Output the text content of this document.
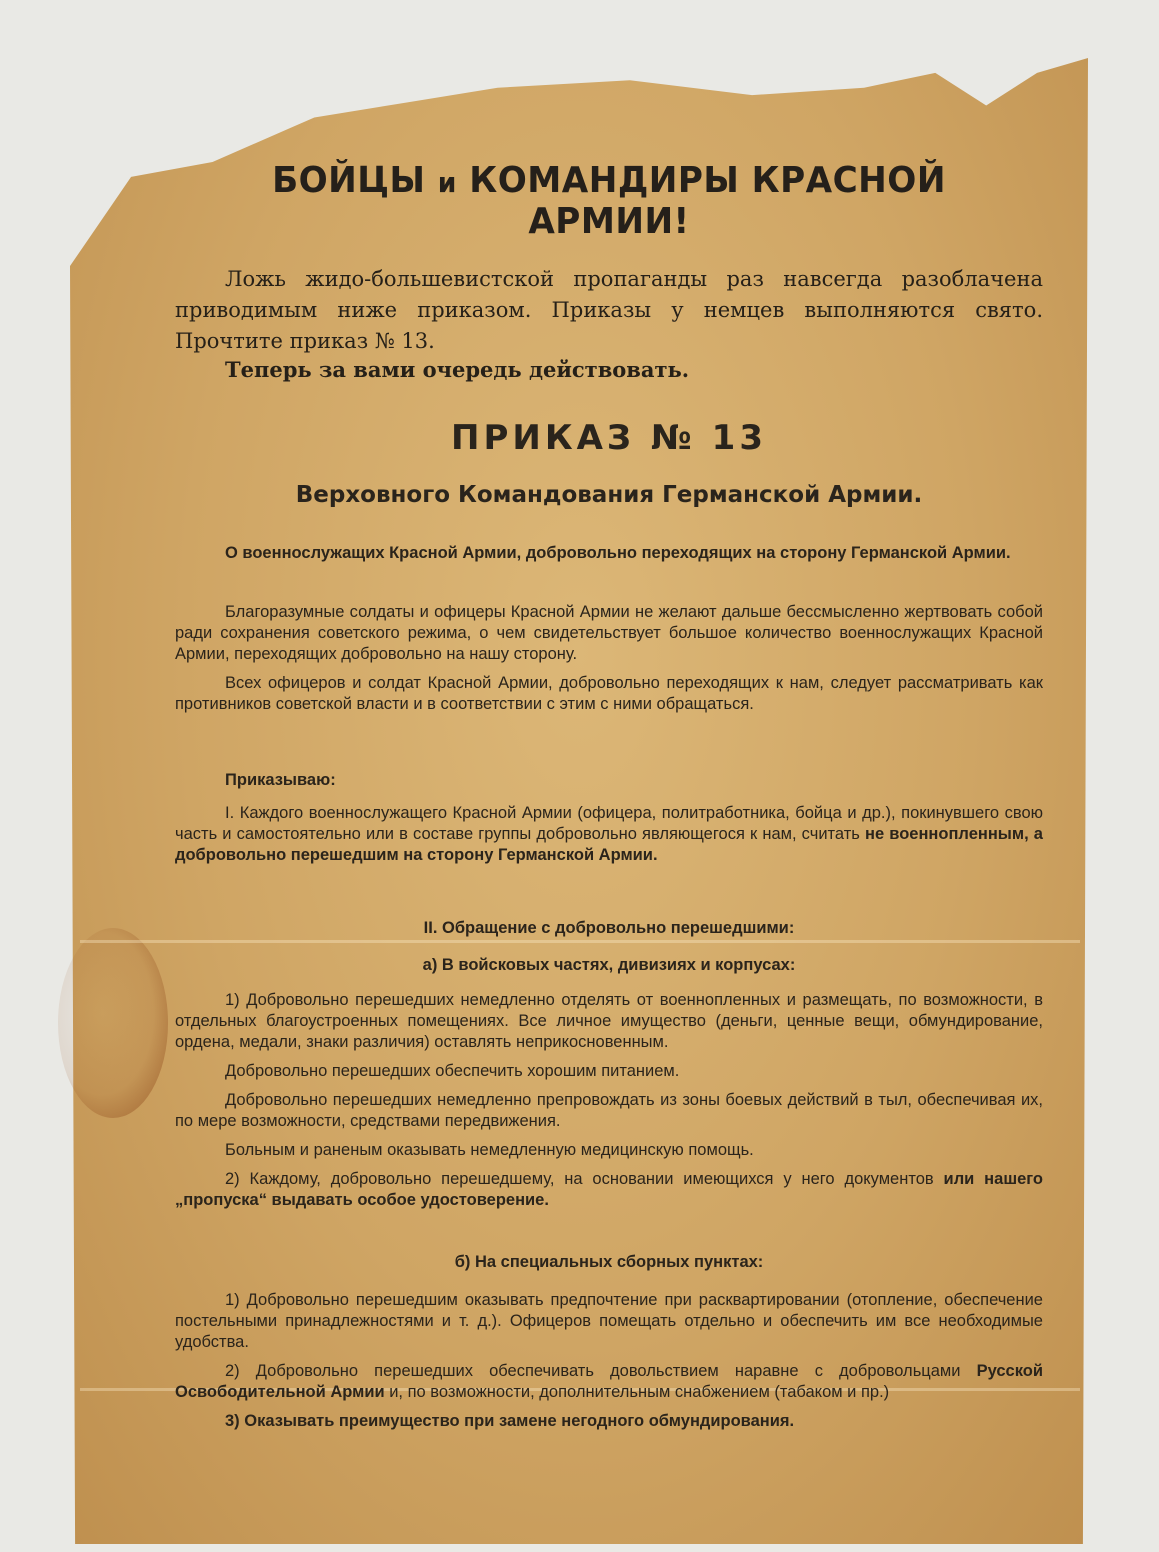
БОЙЦЫ и КОМАНДИРЫ КРАСНОЙ АРМИИ!

Ложь жидо-большевистской пропаганды раз навсегда разоблачена приводимым ниже приказом. Приказы у немцев выполняются свято. Прочтите приказ № 13.

Теперь за вами очередь действовать.
ПРИКАЗ № 13
Верховного Командования Германской Армии.

О военнослужащих Красной Армии, добровольно переходящих на сторону Германской Армии.

Благоразумные солдаты и офицеры Красной Армии не желают дальше бессмысленно жертвовать собой ради сохранения советского режима, о чем свидетельствует большое количество военнослужащих Красной Армии, переходящих добровольно на нашу сторону.

Всех офицеров и солдат Красной Армии, добровольно переходящих к нам, следует рассматривать как противников советской власти и в соответствии с этим с ними обращаться.

Приказываю:

I. Каждого военнослужащего Красной Армии (офицера, политработника, бойца и др.), покинувшего свою часть и самостоятельно или в составе группы добровольно являющегося к нам, считать не военнопленным, а добровольно перешедшим на сторону Германской Армии.

II. Обращение с добровольно перешедшими:

а) В войсковых частях, дивизиях и корпусах:

1) Добровольно перешедших немедленно отделять от военнопленных и размещать, по возможности, в отдельных благоустроенных помещениях. Все личное имущество (деньги, ценные вещи, обмундирование, ордена, медали, знаки различия) оставлять неприкосновенным.

Добровольно перешедших обеспечить хорошим питанием.

Добровольно перешедших немедленно препровождать из зоны боевых действий в тыл, обеспечивая их, по мере возможности, средствами передвижения.

Больным и раненым оказывать немедленную медицинскую помощь.

2) Каждому, добровольно перешедшему, на основании имеющихся у него документов или нашего „пропуска“ выдавать особое удостоверение.

б) На специальных сборных пунктах:

1) Добровольно перешедшим оказывать предпочтение при расквартировании (отопление, обеспечение постельными принадлежностями и т. д.). Офицеров помещать отдельно и обеспечить им все необходимые удобства.

2) Добровольно перешедших обеспечивать довольствием наравне с добровольцами Русской Освободительной Армии и, по возможности, дополнительным снабжением (табаком и пр.)

3) Оказывать преимущество при замене негодного обмундирования.
